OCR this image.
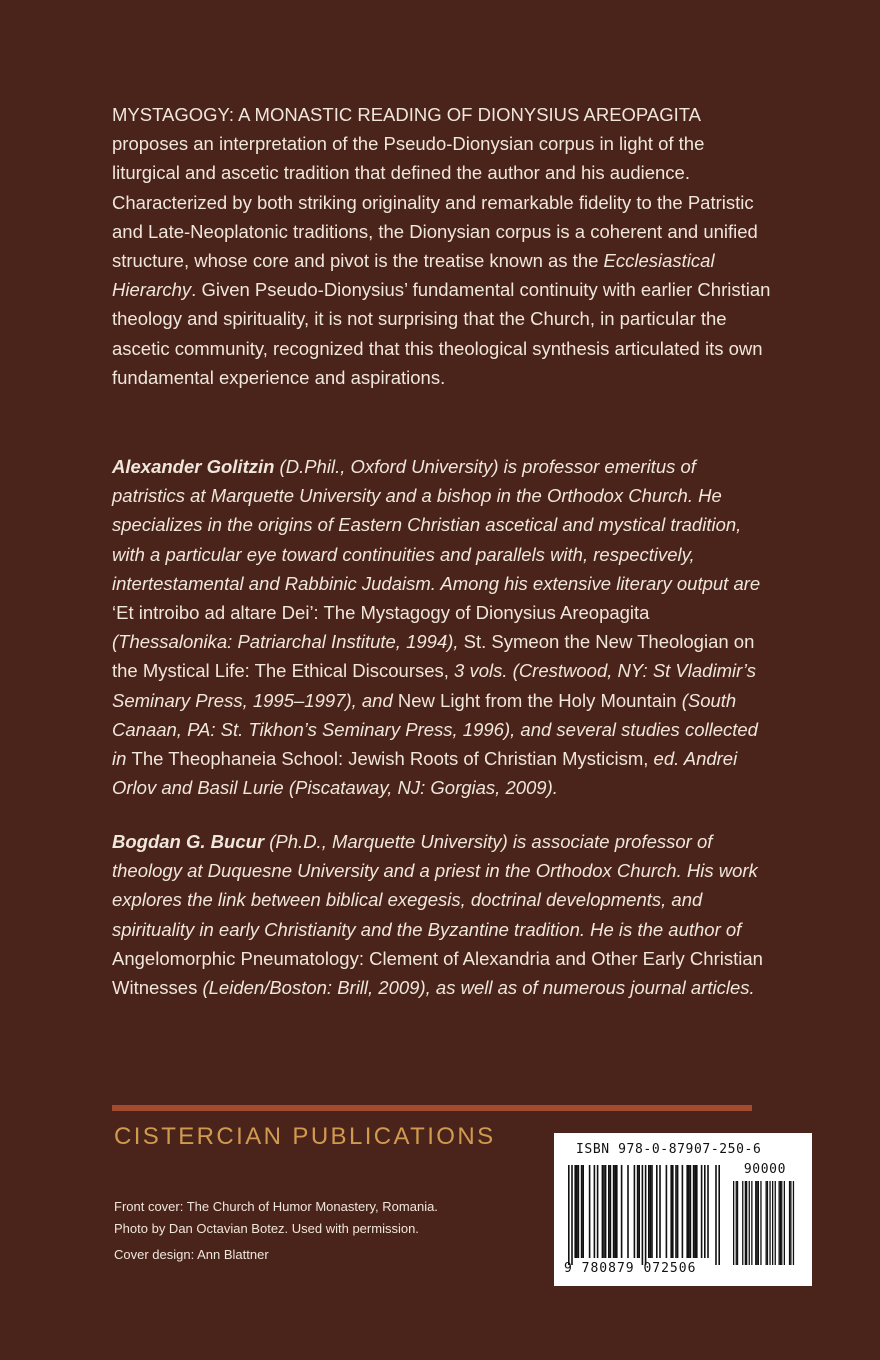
MYSTAGOGY: A MONASTIC READING OF DIONYSIUS AREOPAGITA proposes an interpretation of the Pseudo-Dionysian corpus in light of the liturgical and ascetic tradition that defined the author and his audience. Characterized by both striking originality and remarkable fidelity to the Patristic and Late-Neoplatonic traditions, the Dionysian corpus is a coherent and unified structure, whose core and pivot is the treatise known as the Ecclesiastical Hierarchy. Given Pseudo-Dionysius’ fundamental continuity with earlier Christian theology and spirituality, it is not surprising that the Church, in particular the ascetic community, recognized that this theological synthesis articulated its own fundamental experience and aspirations.
Alexander Golitzin (D.Phil., Oxford University) is professor emeritus of patristics at Marquette University and a bishop in the Orthodox Church. He specializes in the origins of Eastern Christian ascetical and mystical tradition, with a particular eye toward continuities and parallels with, respectively, intertestamental and Rabbinic Judaism. Among his extensive literary output are ‘Et introibo ad altare Dei’: The Mystagogy of Dionysius Areopagita (Thessalonika: Patriarchal Institute, 1994), St. Symeon the New Theologian on the Mystical Life: The Ethical Discourses, 3 vols. (Crestwood, NY: St Vladimir’s Seminary Press, 1995–1997), and New Light from the Holy Mountain (South Canaan, PA: St. Tikhon’s Seminary Press, 1996), and several studies collected in The Theophaneia School: Jewish Roots of Christian Mysticism, ed. Andrei Orlov and Basil Lurie (Piscataway, NJ: Gorgias, 2009).
Bogdan G. Bucur (Ph.D., Marquette University) is associate professor of theology at Duquesne University and a priest in the Orthodox Church. His work explores the link between biblical exegesis, doctrinal developments, and spirituality in early Christianity and the Byzantine tradition. He is the author of Angelomorphic Pneumatology: Clement of Alexandria and Other Early Christian Witnesses (Leiden/Boston: Brill, 2009), as well as of numerous journal articles.
CISTERCIAN PUBLICATIONS
Front cover: The Church of Humor Monastery, Romania.
Photo by Dan Octavian Botez. Used with permission.
Cover design: Ann Blattner
ISBN 978-0-87907-250-6
90000
9 780879 072506
